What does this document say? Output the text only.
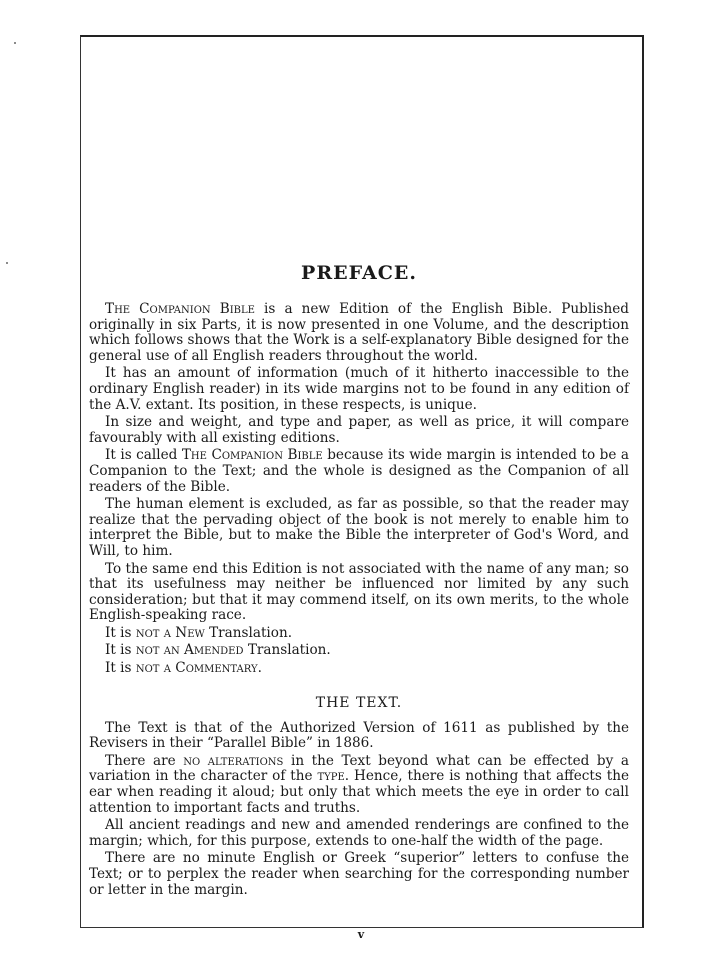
PREFACE.

The Companion Bible is a new Edition of the English Bible. Published originally in six Parts, it is now presented in one Volume, and the description which follows shows that the Work is a self-explanatory Bible designed for the general use of all English readers throughout the world.

It has an amount of information (much of it hitherto inaccessible to the ordinary English reader) in its wide margins not to be found in any edition of the A.V. extant. Its position, in these respects, is unique.

In size and weight, and type and paper, as well as price, it will compare favourably with all existing editions.

It is called The Companion Bible because its wide margin is intended to be a Companion to the Text; and the whole is designed as the Companion of all readers of the Bible.

The human element is excluded, as far as possible, so that the reader may realize that the pervading object of the book is not merely to enable him to interpret the Bible, but to make the Bible the interpreter of God's Word, and Will, to him.

To the same end this Edition is not associated with the name of any man; so that its usefulness may neither be influenced nor limited by any such consideration; but that it may commend itself, on its own merits, to the whole English-speaking race.

It is not a New Translation.

It is not an Amended Translation.

It is not a Commentary.

THE TEXT.

The Text is that of the Authorized Version of 1611 as published by the Revisers in their “Parallel Bible” in 1886.

There are no alterations in the Text beyond what can be effected by a variation in the character of the type. Hence, there is nothing that affects the ear when reading it aloud; but only that which meets the eye in order to call attention to important facts and truths.

All ancient readings and new and amended renderings are confined to the margin; which, for this purpose, extends to one-half the width of the page.

There are no minute English or Greek “superior” letters to confuse the Text; or to perplex the reader when searching for the corresponding number or letter in the margin.

v
